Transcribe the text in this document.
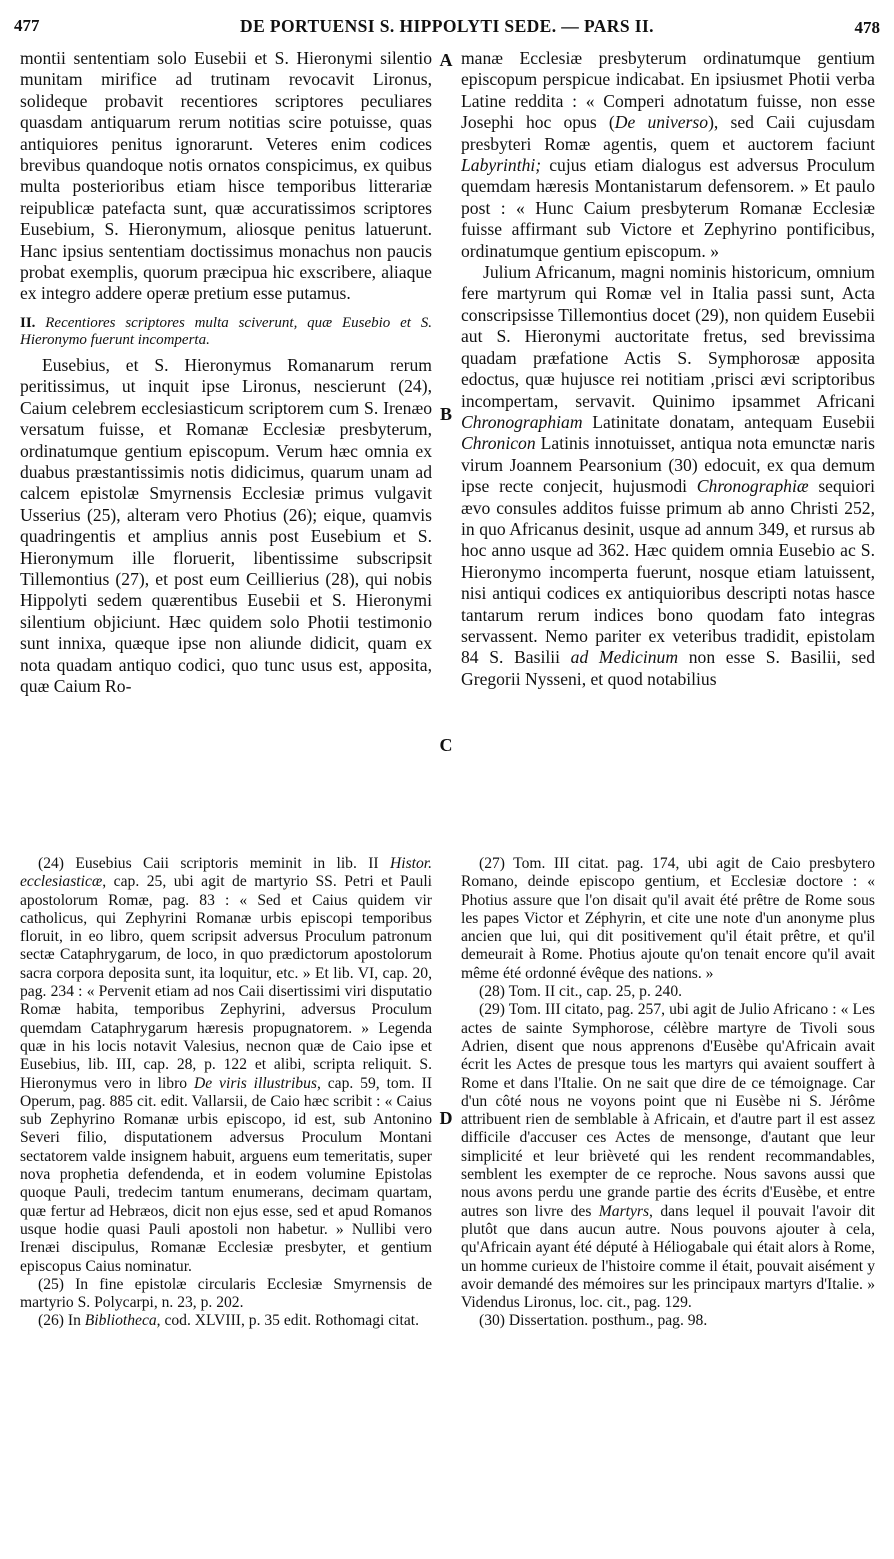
477	DE PORTUENSI S. HIPPOLYTI SEDE. — PARS II.	478
A
B
C
D

montii sententiam solo Eusebii et S. Hieronymi silentio munitam mirifice ad trutinam revocavit Lironus, solideque probavit recentiores scriptores peculiares quasdam antiquarum rerum notitias scire potuisse, quas antiquiores penitus ignorarunt. Veteres enim codices brevibus quandoque notis ornatos conspicimus, ex quibus multa posterioribus etiam hisce temporibus litterariæ reipublicæ patefacta sunt, quæ accuratissimos scriptores Eusebium, S. Hieronymum, aliosque penitus latuerunt. Hanc ipsius sententiam doctissimus monachus non paucis probat exemplis, quorum præcipua hic exscribere, aliaque ex integro addere operæ pretium esse putamus.

II. Recentiores scriptores multa sciverunt, quæ Eusebio et S. Hieronymo fuerunt incomperta.

Eusebius, et S. Hieronymus Romanarum rerum peritissimus, ut inquit ipse Lironus, nescierunt (24), Caium celebrem ecclesiasticum scriptorem cum S. Irenæo versatum fuisse, et Romanæ Ecclesiæ presbyterum, ordinatumque gentium episcopum. Verum hæc omnia ex duabus præstantissimis notis didicimus, quarum unam ad calcem epistolæ Smyrnensis Ecclesiæ primus vulgavit Usserius (25), alteram vero Photius (26); eique, quamvis quadringentis et amplius annis post Eusebium et S. Hieronymum ille floruerit, libentissime subscripsit Tillemontius (27), et post eum Ceillierius (28), qui nobis Hippolyti sedem quærentibus Eusebii et S. Hieronymi silentium objiciunt. Hæc quidem solo Photii testimonio sunt innixa, quæque ipse non aliunde didicit, quam ex nota quadam antiquo codici, quo tunc usus est, apposita, quæ Caium Ro-

manæ Ecclesiæ presbyterum ordinatumque gentium episcopum perspicue indicabat. En ipsiusmet Photii verba Latine reddita : « Comperi adnotatum fuisse, non esse Josephi hoc opus (De universo), sed Caii cujusdam presbyteri Romæ agentis, quem et auctorem faciunt Labyrinthi; cujus etiam dialogus est adversus Proculum quemdam hæresis Montanistarum defensorem. » Et paulo post : « Hunc Caium presbyterum Romanæ Ecclesiæ fuisse affirmant sub Victore et Zephyrino pontificibus, ordinatumque gentium episcopum. »

Julium Africanum, magni nominis historicum, omnium fere martyrum qui Romæ vel in Italia passi sunt, Acta conscripsisse Tillemontius docet (29), non quidem Eusebii aut S. Hieronymi auctoritate fretus, sed brevissima quadam præfatione Actis S. Symphorosæ apposita edoctus, quæ hujusce rei notitiam ,prisci ævi scriptoribus incompertam, servavit. Quinimo ipsammet Africani Chronographiam Latinitate donatam, antequam Eusebii Chronicon Latinis innotuisset, antiqua nota emunctæ naris virum Joannem Pearsonium (30) edocuit, ex qua demum ipse recte conjecit, hujusmodi Chronographiæ sequiori ævo consules additos fuisse primum ab anno Christi 252, in quo Africanus desinit, usque ad annum 349, et rursus ab hoc anno usque ad 362. Hæc quidem omnia Eusebio ac S. Hieronymo incomperta fuerunt, nosque etiam latuissent, nisi antiqui codices ex antiquioribus descripti notas hasce tantarum rerum indices bono quodam fato integras servassent. Nemo pariter ex veteribus tradidit, epistolam 84 S. Basilii ad Medicinum non esse S. Basilii, sed Gregorii Nysseni, et quod notabilius

(24) Eusebius Caii scriptoris meminit in lib. II Histor. ecclesiasticæ, cap. 25, ubi agit de martyrio SS. Petri et Pauli apostolorum Romæ, pag. 83 : « Sed et Caius quidem vir catholicus, qui Zephyrini Romanæ urbis episcopi temporibus floruit, in eo libro, quem scripsit adversus Proculum patronum sectæ Cataphrygarum, de loco, in quo prædictorum apostolorum sacra corpora deposita sunt, ita loquitur, etc. » Et lib. VI, cap. 20, pag. 234 : « Pervenit etiam ad nos Caii disertissimi viri disputatio Romæ habita, temporibus Zephyrini, adversus Proculum quemdam Cataphrygarum hæresis propugnatorem. » Legenda quæ in his locis notavit Valesius, necnon quæ de Caio ipse et Eusebius, lib. III, cap. 28, p. 122 et alibi, scripta reliquit. S. Hieronymus vero in libro De viris illustribus, cap. 59, tom. II Operum, pag. 885 cit. edit. Vallarsii, de Caio hæc scribit : « Caius sub Zephyrino Romanæ urbis episcopo, id est, sub Antonino Severi filio, disputationem adversus Proculum Montani sectatorem valde insignem habuit, arguens eum temeritatis, super nova prophetia defendenda, et in eodem volumine Epistolas quoque Pauli, tredecim tantum enumerans, decimam quartam, quæ fertur ad Hebræos, dicit non ejus esse, sed et apud Romanos usque hodie quasi Pauli apostoli non habetur. » Nullibi vero Irenæi discipulus, Romanæ Ecclesiæ presbyter, et gentium episcopus Caius nominatur.

(25) In fine epistolæ circularis Ecclesiæ Smyrnensis de martyrio S. Polycarpi, n. 23, p. 202.

(26) In Bibliotheca, cod. XLVIII, p. 35 edit. Rothomagi citat.

(27) Tom. III citat. pag. 174, ubi agit de Caio presbytero Romano, deinde episcopo gentium, et Ecclesiæ doctore : « Photius assure que l'on disait qu'il avait été prêtre de Rome sous les papes Victor et Zéphyrin, et cite une note d'un anonyme plus ancien que lui, qui dit positivement qu'il était prêtre, et qu'il demeurait à Rome. Photius ajoute qu'on tenait encore qu'il avait même été ordonné évêque des nations. »

(28) Tom. II cit., cap. 25, p. 240.

(29) Tom. III citato, pag. 257, ubi agit de Julio Africano : « Les actes de sainte Symphorose, célèbre martyre de Tivoli sous Adrien, disent que nous apprenons d'Eusèbe qu'Africain avait écrit les Actes de presque tous les martyrs qui avaient souffert à Rome et dans l'Italie. On ne sait que dire de ce témoignage. Car d'un côté nous ne voyons point que ni Eusèbe ni S. Jérôme attribuent rien de semblable à Africain, et d'autre part il est assez difficile d'accuser ces Actes de mensonge, d'autant que leur simplicité et leur brièveté qui les rendent recommandables, semblent les exempter de ce reproche. Nous savons aussi que nous avons perdu une grande partie des écrits d'Eusèbe, et entre autres son livre des Martyrs, dans lequel il pouvait l'avoir dit plutôt que dans aucun autre. Nous pouvons ajouter à cela, qu'Africain ayant été député à Héliogabale qui était alors à Rome, un homme curieux de l'histoire comme il était, pouvait aisément y avoir demandé des mémoires sur les principaux martyrs d'Italie. » Videndus Lironus, loc. cit., pag. 129.

(30) Dissertation. posthum., pag. 98.
